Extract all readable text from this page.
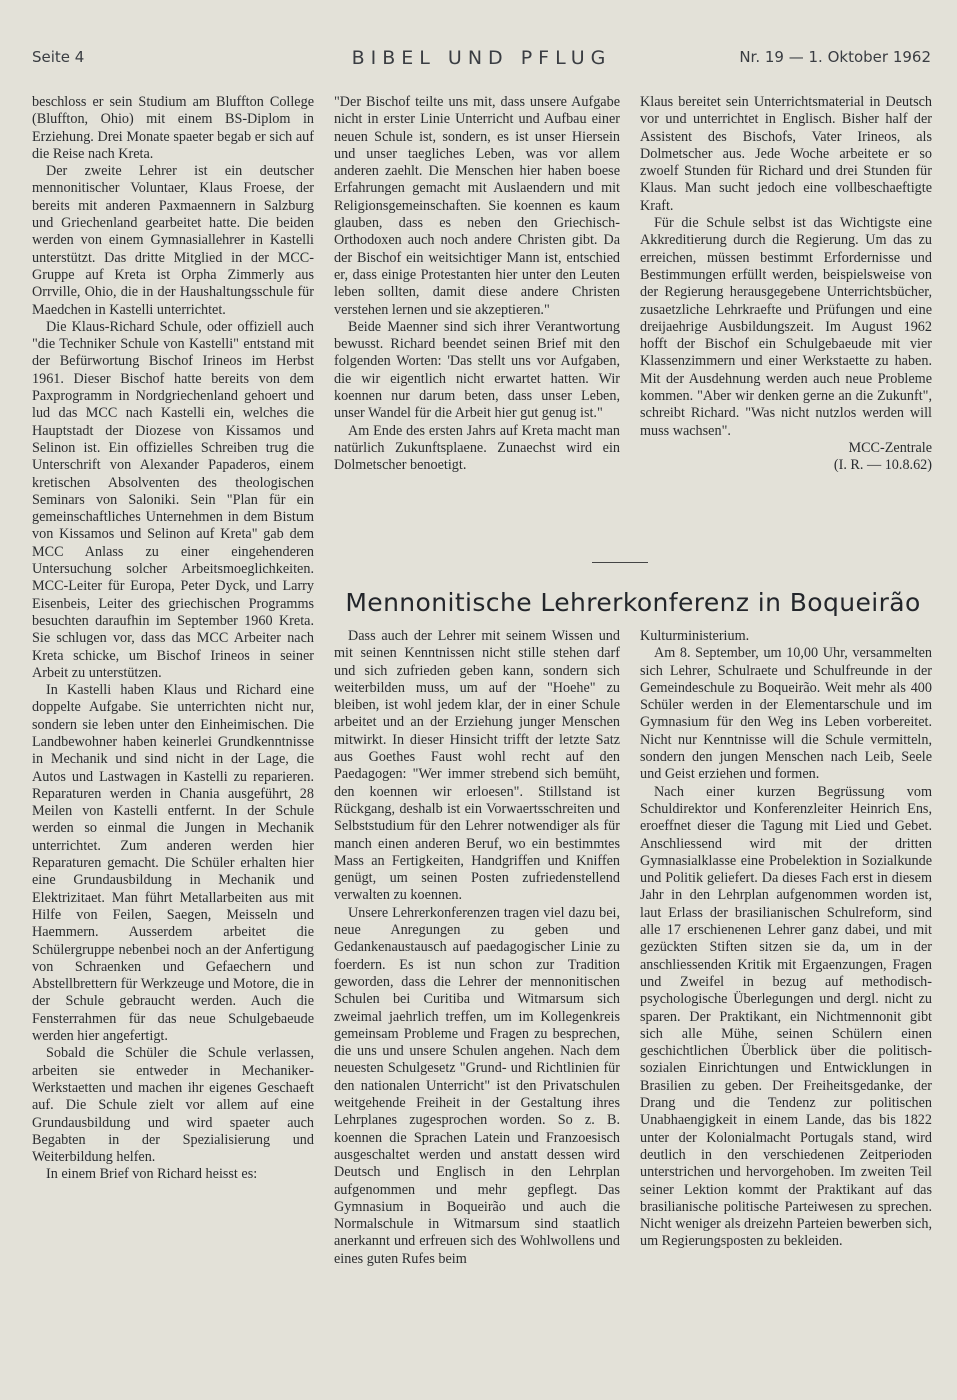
Seite 4	BIBEL UND PFLUG	Nr. 19 — 1. Oktober 1962

beschloss er sein Studium am Bluffton College (Bluffton, Ohio) mit einem BS-Diplom in Erziehung. Drei Monate spaeter begab er sich auf die Reise nach Kreta.

Der zweite Lehrer ist ein deutscher mennonitischer Voluntaer, Klaus Froese, der bereits mit anderen Paxmaennern in Salzburg und Griechenland gearbeitet hatte. Die beiden werden von einem Gymnasiallehrer in Kastelli unterstützt. Das dritte Mitglied in der MCC-Gruppe auf Kreta ist Orpha Zimmerly aus Orrville, Ohio, die in der Haushaltungsschule für Maedchen in Kastelli unterrichtet.

Die Klaus-Richard Schule, oder offiziell auch "die Techniker Schule von Kastelli" entstand mit der Befürwortung Bischof Irineos im Herbst 1961. Dieser Bischof hatte bereits von dem Paxprogramm in Nordgriechenland gehoert und lud das MCC nach Kastelli ein, welches die Hauptstadt der Diozese von Kissamos und Selinon ist. Ein offizielles Schreiben trug die Unterschrift von Alexander Papaderos, einem kretischen Absolventen des theologischen Seminars von Saloniki. Sein "Plan für ein gemeinschaftliches Unternehmen in dem Bistum von Kissamos und Selinon auf Kreta" gab dem MCC Anlass zu einer eingehenderen Untersuchung solcher Arbeitsmoeglichkeiten. MCC-Leiter für Europa, Peter Dyck, und Larry Eisenbeis, Leiter des griechischen Programms besuchten daraufhin im September 1960 Kreta. Sie schlugen vor, dass das MCC Arbeiter nach Kreta schicke, um Bischof Irineos in seiner Arbeit zu unterstützen.

In Kastelli haben Klaus und Richard eine doppelte Aufgabe. Sie unterrichten nicht nur, sondern sie leben unter den Einheimischen. Die Landbewohner haben keinerlei Grundkenntnisse in Mechanik und sind nicht in der Lage, die Autos und Lastwagen in Kastelli zu reparieren. Reparaturen werden in Chania ausgeführt, 28 Meilen von Kastelli entfernt. In der Schule werden so einmal die Jungen in Mechanik unterrichtet. Zum anderen werden hier Reparaturen gemacht. Die Schüler erhalten hier eine Grundausbildung in Mechanik und Elektrizitaet. Man führt Metallarbeiten aus mit Hilfe von Feilen, Saegen, Meisseln und Haemmern. Ausserdem arbeitet die Schülergruppe nebenbei noch an der Anfertigung von Schraenken und Gefaechern und Abstellbrettern für Werkzeuge und Motore, die in der Schule gebraucht werden. Auch die Fensterrahmen für das neue Schulgebaeude werden hier angefertigt.

Sobald die Schüler die Schule verlassen, arbeiten sie entweder in Mechaniker-Werkstaetten und machen ihr eigenes Geschaeft auf. Die Schule zielt vor allem auf eine Grundausbildung und wird spaeter auch Begabten in der Spezialisierung und Weiterbildung helfen.

In einem Brief von Richard heisst es:

"Der Bischof teilte uns mit, dass unsere Aufgabe nicht in erster Linie Unterricht und Aufbau einer neuen Schule ist, sondern, es ist unser Hiersein und unser taegliches Leben, was vor allem anderen zaehlt. Die Menschen hier haben boese Erfahrungen gemacht mit Auslaendern und mit Religionsgemeinschaften. Sie koennen es kaum glauben, dass es neben den Griechisch-Orthodoxen auch noch andere Christen gibt. Da der Bischof ein weitsichtiger Mann ist, entschied er, dass einige Protestanten hier unter den Leuten leben sollten, damit diese andere Christen verstehen lernen und sie akzeptieren."

Beide Maenner sind sich ihrer Verantwortung bewusst. Richard beendet seinen Brief mit den folgenden Worten: 'Das stellt uns vor Aufgaben, die wir eigentlich nicht erwartet hatten. Wir koennen nur darum beten, dass unser Leben, unser Wandel für die Arbeit hier gut genug ist."

Am Ende des ersten Jahrs auf Kreta macht man natürlich Zukunftsplaene. Zunaechst wird ein Dolmetscher benoetigt.

Klaus bereitet sein Unterrichtsmaterial in Deutsch vor und unterrichtet in Englisch. Bisher half der Assistent des Bischofs, Vater Irineos, als Dolmetscher aus. Jede Woche arbeitete er so zwoelf Stunden für Richard und drei Stunden für Klaus. Man sucht jedoch eine vollbeschaeftigte Kraft.

Für die Schule selbst ist das Wichtigste eine Akkreditierung durch die Regierung. Um das zu erreichen, müssen bestimmt Erfordernisse und Bestimmungen erfüllt werden, beispielsweise von der Regierung herausgegebene Unterrichtsbücher, zusaetzliche Lehrkraefte und Prüfungen und eine dreijaehrige Ausbildungszeit. Im August 1962 hofft der Bischof ein Schulgebaeude mit vier Klassenzimmern und einer Werkstaette zu haben. Mit der Ausdehnung werden auch neue Probleme kommen. "Aber wir denken gerne an die Zukunft", schreibt Richard. "Was nicht nutzlos werden will muss wachsen".

MCC-Zentrale

(I. R. — 10.8.62)

Mennonitische Lehrerkonferenz in Boqueirão

Dass auch der Lehrer mit seinem Wissen und mit seinen Kenntnissen nicht stille stehen darf und sich zufrieden geben kann, sondern sich weiterbilden muss, um auf der "Hoehe" zu bleiben, ist wohl jedem klar, der in einer Schule arbeitet und an der Erziehung junger Menschen mitwirkt. In dieser Hinsicht trifft der letzte Satz aus Goethes Faust wohl recht auf den Paedagogen: "Wer immer strebend sich bemüht, den koennen wir erloesen". Stillstand ist Rückgang, deshalb ist ein Vorwaertsschreiten und Selbststudium für den Lehrer notwendiger als für manch einen anderen Beruf, wo ein bestimmtes Mass an Fertigkeiten, Handgriffen und Kniffen genügt, um seinen Posten zufriedenstellend verwalten zu koennen.

Unsere Lehrerkonferenzen tragen viel dazu bei, neue Anregungen zu geben und Gedankenaustausch auf paedagogischer Linie zu foerdern. Es ist nun schon zur Tradition geworden, dass die Lehrer der mennonitischen Schulen bei Curitiba und Witmarsum sich zweimal jaehrlich treffen, um im Kollegenkreis gemeinsam Probleme und Fragen zu besprechen, die uns und unsere Schulen angehen. Nach dem neuesten Schulgesetz "Grund- und Richtlinien für den nationalen Unterricht" ist den Privatschulen weitgehende Freiheit in der Gestaltung ihres Lehrplanes zugesprochen worden. So z. B. koennen die Sprachen Latein und Franzoesisch ausgeschaltet werden und anstatt dessen wird Deutsch und Englisch in den Lehrplan aufgenommen und mehr gepflegt. Das Gymnasium in Boqueirão und auch die Normalschule in Witmarsum sind staatlich anerkannt und erfreuen sich des Wohlwollens und eines guten Rufes beim

Kulturministerium.

Am 8. September, um 10,00 Uhr, versammelten sich Lehrer, Schulraete und Schulfreunde in der Gemeindeschule zu Boqueirão. Weit mehr als 400 Schüler werden in der Elementarschule und im Gymnasium für den Weg ins Leben vorbereitet. Nicht nur Kenntnisse will die Schule vermitteln, sondern den jungen Menschen nach Leib, Seele und Geist erziehen und formen.

Nach einer kurzen Begrüssung vom Schuldirektor und Konferenzleiter Heinrich Ens, eroeffnet dieser die Tagung mit Lied und Gebet. Anschliessend wird mit der dritten Gymnasialklasse eine Probelektion in Sozialkunde und Politik geliefert. Da dieses Fach erst in diesem Jahr in den Lehrplan aufgenommen worden ist, laut Erlass der brasilianischen Schulreform, sind alle 17 erschienenen Lehrer ganz dabei, und mit gezückten Stiften sitzen sie da, um in der anschliessenden Kritik mit Ergaenzungen, Fragen und Zweifel in bezug auf methodisch-psychologische Überlegungen und dergl. nicht zu sparen. Der Praktikant, ein Nichtmennonit gibt sich alle Mühe, seinen Schülern einen geschichtlichen Überblick über die politisch-sozialen Einrichtungen und Entwicklungen in Brasilien zu geben. Der Freiheitsgedanke, der Drang und die Tendenz zur politischen Unabhaengigkeit in einem Lande, das bis 1822 unter der Kolonialmacht Portugals stand, wird deutlich in den verschiedenen Zeitperioden unterstrichen und hervorgehoben. Im zweiten Teil seiner Lektion kommt der Praktikant auf das brasilianische politische Parteiwesen zu sprechen. Nicht weniger als dreizehn Parteien bewerben sich, um Regierungsposten zu bekleiden.
